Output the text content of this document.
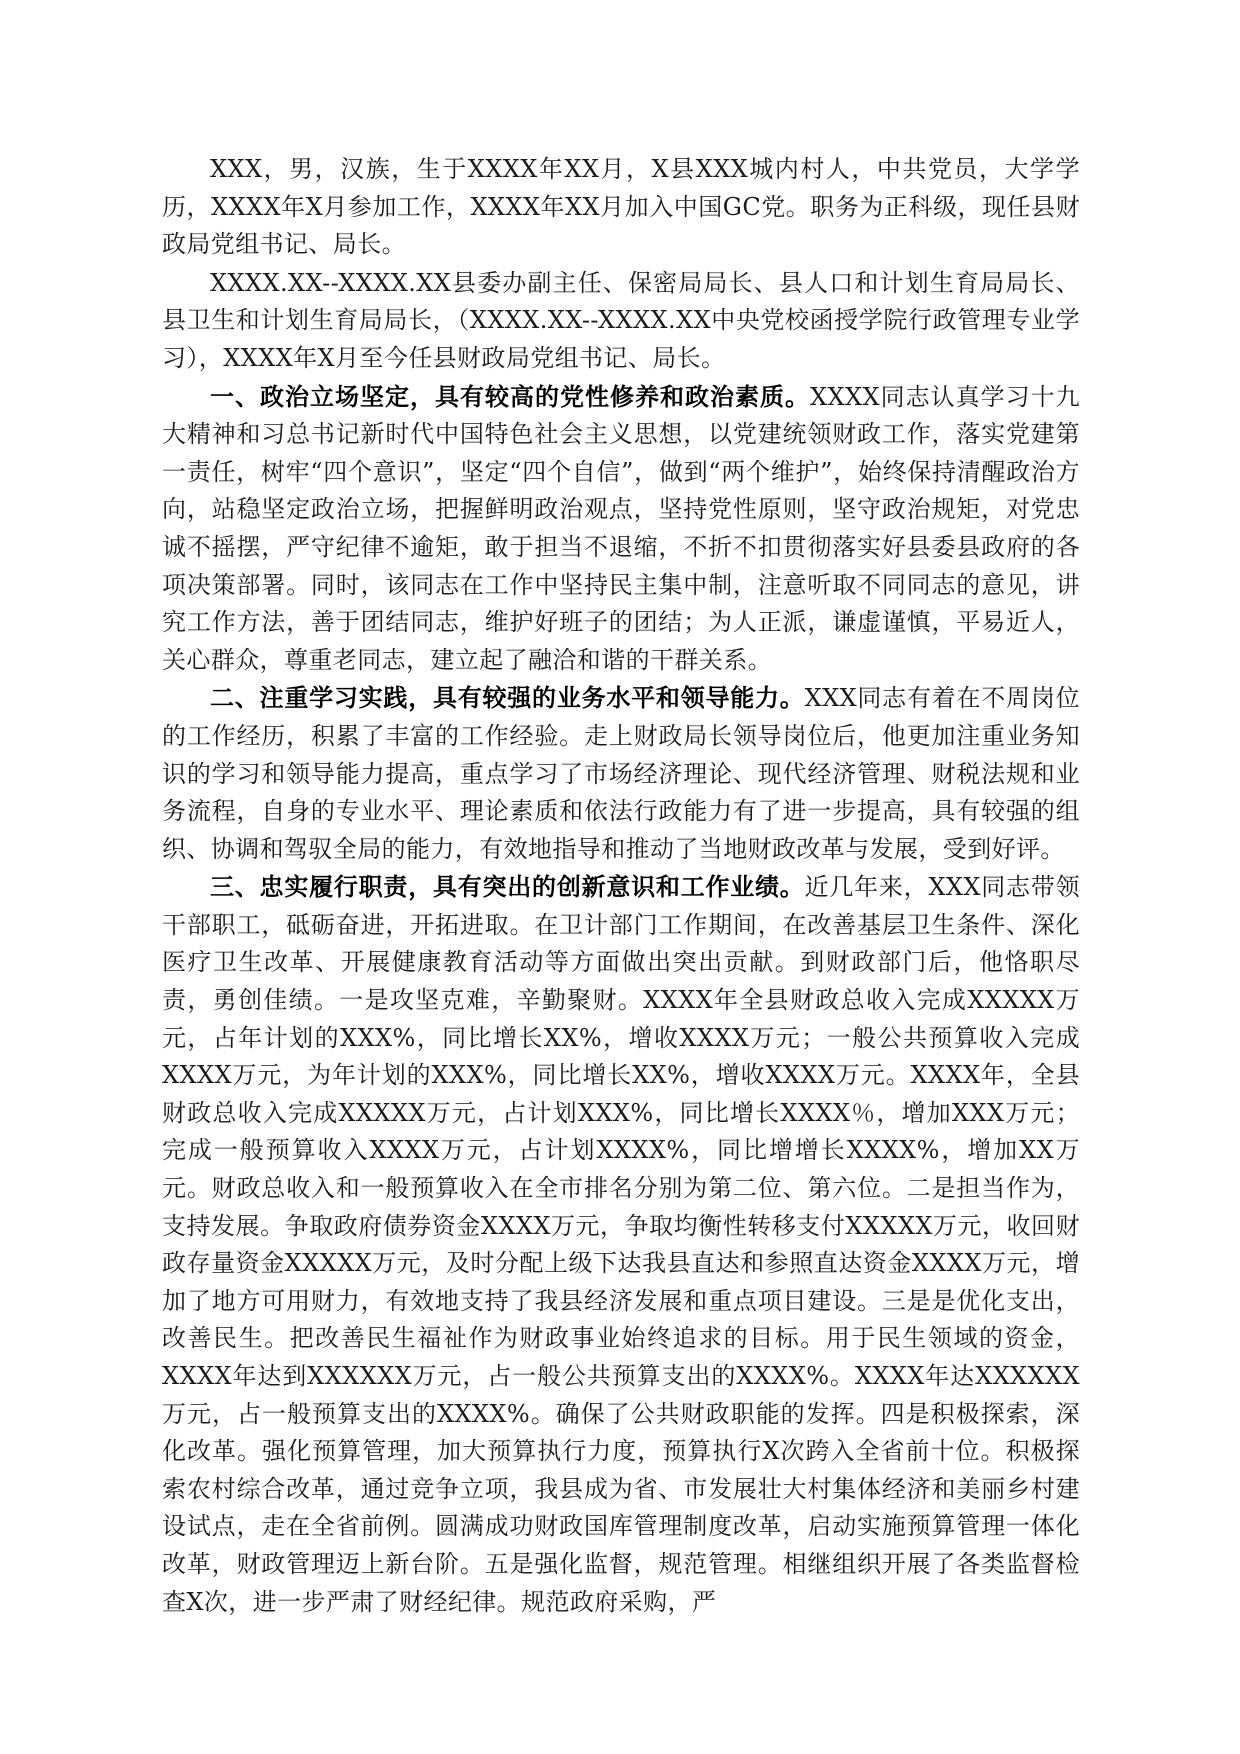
XXX，男，汉族，生于XXXX年XX月，X县XXX城内村人，中共党员，大学学历，XXXX年X月参加工作，XXXX年XX月加入中国GC党。职务为正科级，现任县财政局党组书记、局长。

XXXX.XX--XXXX.XX县委办副主任、保密局局长、县人口和计划生育局局长、县卫生和计划生育局局长，（XXXX.XX--XXXX.XX中央党校函授学院行政管理专业学习），XXXX年X月至今任县财政局党组书记、局长。

一、政治立场坚定，具有较高的党性修养和政治素质。XXXX同志认真学习十九大精神和习总书记新时代中国特色社会主义思想，以党建统领财政工作，落实党建第一责任，树牢“四个意识”，坚定“四个自信”，做到“两个维护”，始终保持清醒政治方向，站稳坚定政治立场，把握鲜明政治观点，坚持党性原则，坚守政治规矩，对党忠诚不摇摆，严守纪律不逾矩，敢于担当不退缩，不折不扣贯彻落实好县委县政府的各项决策部署。同时，该同志在工作中坚持民主集中制，注意听取不同同志的意见，讲究工作方法，善于团结同志，维护好班子的团结；为人正派，谦虚谨慎，平易近人，关心群众，尊重老同志，建立起了融洽和谐的干群关系。

二、注重学习实践，具有较强的业务水平和领导能力。XXX同志有着在不周岗位的工作经历，积累了丰富的工作经验。走上财政局长领导岗位后，他更加注重业务知识的学习和领导能力提高，重点学习了市场经济理论、现代经济管理、财税法规和业务流程，自身的专业水平、理论素质和依法行政能力有了进一步提高，具有较强的组织、协调和驾驭全局的能力，有效地指导和推动了当地财政改革与发展，受到好评。

三、忠实履行职责，具有突出的创新意识和工作业绩。近几年来，XXX同志带领干部职工，砥砺奋进，开拓进取。在卫计部门工作期间，在改善基层卫生条件、深化医疗卫生改革、开展健康教育活动等方面做出突出贡献。到财政部门后，他恪职尽责，勇创佳绩。一是攻坚克难，辛勤聚财。XXXX年全县财政总收入完成XXXXX万元，占年计划的XXX%，同比增长XX%，增收XXXX万元；一般公共预算收入完成XXXX万元，为年计划的XXX%，同比增长XX%，增收XXXX万元。XXXX年，全县财政总收入完成XXXXX万元，占计划XXX%，同比增长XXXX％，增加XXX万元；完成一般预算收入XXXX万元，占计划XXXX%，同比增增长XXXX%，增加XX万元。财政总收入和一般预算收入在全市排名分别为第二位、第六位。二是担当作为，支持发展。争取政府债券资金XXXX万元，争取均衡性转移支付XXXXX万元，收回财政存量资金XXXXX万元，及时分配上级下达我县直达和参照直达资金XXXX万元，增加了地方可用财力，有效地支持了我县经济发展和重点项目建设。三是是优化支出，改善民生。把改善民生福祉作为财政事业始终追求的目标。用于民生领域的资金，XXXX年达到XXXXXX万元，占一般公共预算支出的XXXX%。XXXX年达XXXXXX万元，占一般预算支出的XXXX%。确保了公共财政职能的发挥。四是积极探索，深化改革。强化预算管理，加大预算执行力度，预算执行X次跨入全省前十位。积极探索农村综合改革，通过竞争立项，我县成为省、市发展壮大村集体经济和美丽乡村建设试点，走在全省前例。圆满成功财政国库管理制度改革，启动实施预算管理一体化改革，财政管理迈上新台阶。五是强化监督，规范管理。相继组织开展了各类监督检查X次，进一步严肃了财经纪律。规范政府采购，严
